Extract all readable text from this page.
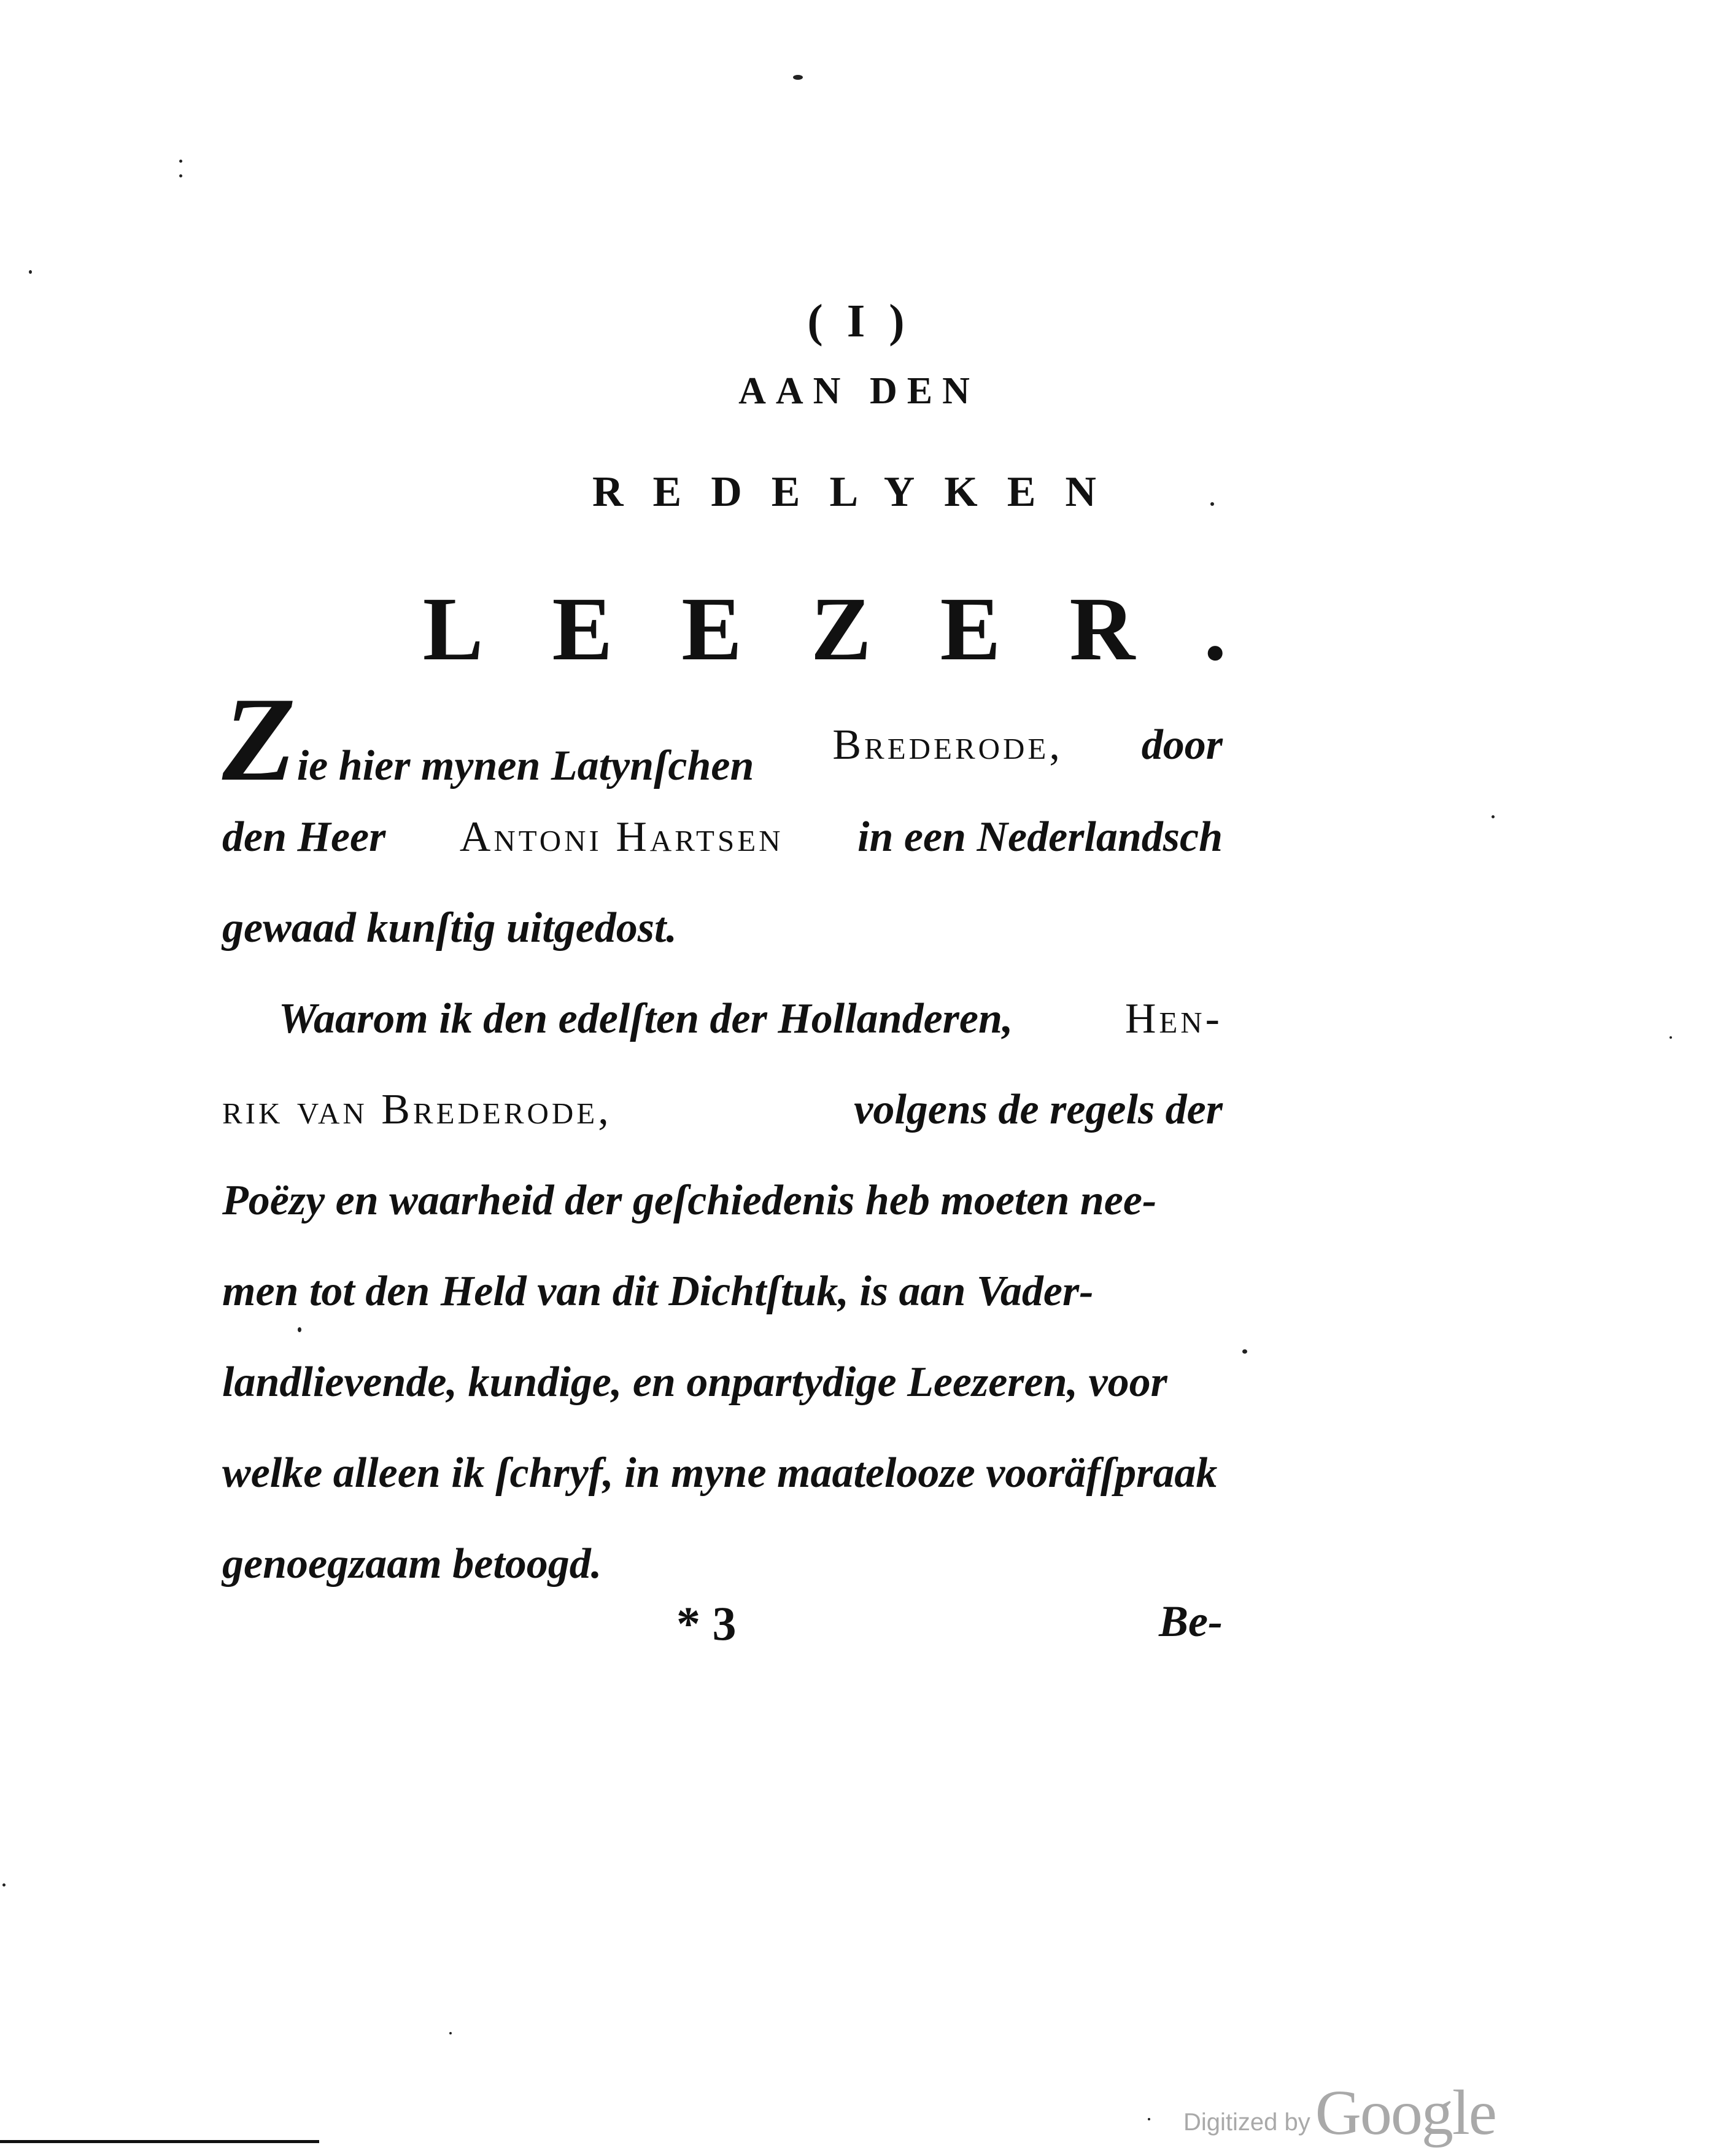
( I )
AAN DEN
REDELYKEN
LEEZER.
Zie hier mynen Latynſchen Brederode, door
den Heer Antoni Hartsen in een Nederlandsch
gewaad kunſtig uitgedost.
Waarom ik den edelſten der Hollanderen,	Hen-
rik van Brederode,	volgens de regels der
Poëzy en waarheid der geſchiedenis heb moeten nee-
men tot den Held van dit Dichtſtuk, is aan Vader-
landlievende, kundige, en onpartydige Leezeren, voor
welke alleen ik ſchryf, in myne maatelooze vooräfſpraak
genoegzaam betoogd.
* 3	Be-
Digitized byGoogle
